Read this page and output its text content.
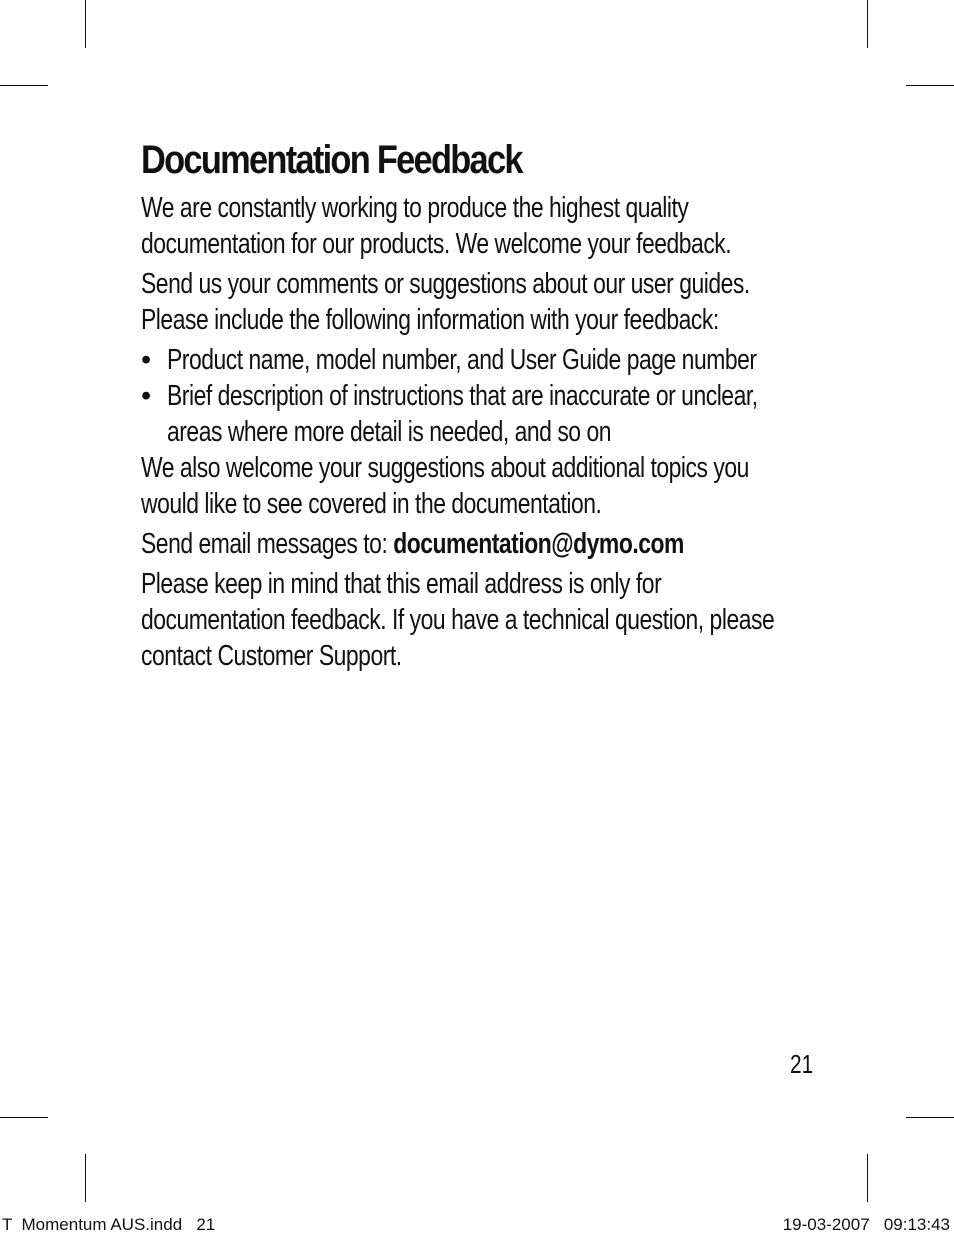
Documentation Feedback

We are constantly working to produce the highest quality

documentation for our products. We welcome your feedback.

Send us your comments or suggestions about our user guides.

Please include the following information with your feedback:

• Product name, model number, and User Guide page number

• Brief description of instructions that are inaccurate or unclear,

areas where more detail is needed, and so on

We also welcome your suggestions about additional topics you

would like to see covered in the documentation.

Send email messages to: documentation@dymo.com

Please keep in mind that this email address is only for

documentation feedback. If you have a technical question, please

contact Customer Support.

21
T  Momentum AUS.indd   21	19-03-2007   09:13:43
